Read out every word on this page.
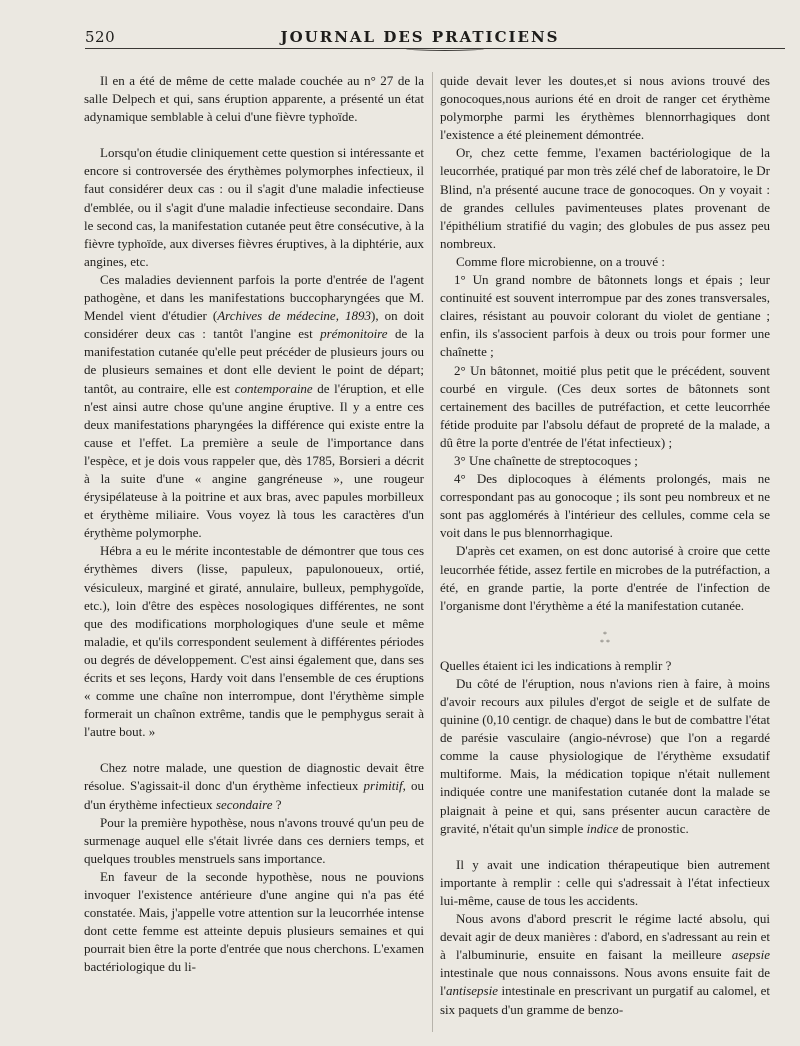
520	JOURNAL DES PRATICIENS

Il en a été de même de cette malade couchée au n° 27 de la salle Delpech et qui, sans éruption apparente, a présenté un état adynamique semblable à celui d'une fièvre typhoïde.

Lorsqu'on étudie cliniquement cette question si intéressante et encore si controversée des érythèmes polymorphes infectieux, il faut considérer deux cas : ou il s'agit d'une maladie infectieuse d'emblée, ou il s'agit d'une maladie infectieuse secondaire. Dans le second cas, la manifestation cutanée peut être consécutive, à la fièvre typhoïde, aux diverses fièvres éruptives, à la diphtérie, aux angines, etc.

Ces maladies deviennent parfois la porte d'entrée de l'agent pathogène, et dans les manifestations buccopharyngées que M. Mendel vient d'étudier (Archives de médecine, 1893), on doit considérer deux cas : tantôt l'angine est prémonitoire de la manifestation cutanée qu'elle peut précéder de plusieurs jours ou de plusieurs semaines et dont elle devient le point de départ; tantôt, au contraire, elle est contemporaine de l'éruption, et elle n'est ainsi autre chose qu'une angine éruptive. Il y a entre ces deux manifestations pharyngées la différence qui existe entre la cause et l'effet. La première a seule de l'importance dans l'espèce, et je dois vous rappeler que, dès 1785, Borsieri a décrit à la suite d'une « angine gangréneuse », une rougeur érysipélateuse à la poitrine et aux bras, avec papules morbilleux et érythème miliaire. Vous voyez là tous les caractères d'un érythème polymorphe.

Hébra a eu le mérite incontestable de démontrer que tous ces érythèmes divers (lisse, papuleux, papulonoueux, ortié, vésiculeux, marginé et giraté, annulaire, bulleux, pemphygoïde, etc.), loin d'être des espèces nosologiques différentes, ne sont que des modifications morphologiques d'une seule et même maladie, et qu'ils correspondent seulement à différentes périodes ou degrés de développement. C'est ainsi également que, dans ses écrits et ses leçons, Hardy voit dans l'ensemble de ces éruptions « comme une chaîne non interrompue, dont l'érythème simple formerait un chaînon extrême, tandis que le pemphygus serait à l'autre bout. »

Chez notre malade, une question de diagnostic devait être résolue. S'agissait-il donc d'un érythème infectieux primitif, ou d'un érythème infectieux secondaire ?

Pour la première hypothèse, nous n'avons trouvé qu'un peu de surmenage auquel elle s'était livrée dans ces derniers temps, et quelques troubles menstruels sans importance.

En faveur de la seconde hypothèse, nous ne pouvions invoquer l'existence antérieure d'une angine qui n'a pas été constatée. Mais, j'appelle votre attention sur la leucorrhée intense dont cette femme est atteinte depuis plusieurs semaines et qui pourrait bien être la porte d'entrée que nous cherchons. L'examen bactériologique du li-

quide devait lever les doutes,et si nous avions trouvé des gonocoques,nous aurions été en droit de ranger cet érythème polymorphe parmi les érythèmes blennorrhagiques dont l'existence a été pleinement démontrée.

Or, chez cette femme, l'examen bactériologique de la leucorrhée, pratiqué par mon très zélé chef de laboratoire, le Dr Blind, n'a présenté aucune trace de gonocoques. On y voyait : de grandes cellules pavimenteuses plates provenant de l'épithélium stratifié du vagin; des globules de pus assez peu nombreux.

Comme flore microbienne, on a trouvé :

1° Un grand nombre de bâtonnets longs et épais ; leur continuité est souvent interrompue par des zones transversales, claires, résistant au pouvoir colorant du violet de gentiane ; enfin, ils s'associent parfois à deux ou trois pour former une chaînette ;

2° Un bâtonnet, moitié plus petit que le précédent, souvent courbé en virgule. (Ces deux sortes de bâtonnets sont certainement des bacilles de putréfaction, et cette leucorrhée fétide produite par l'absolu défaut de propreté de la malade, a dû être la porte d'entrée de l'état infectieux) ;

3° Une chaînette de streptocoques ;

4° Des diplocoques à éléments prolongés, mais ne correspondant pas au gonocoque ; ils sont peu nombreux et ne sont pas agglomérés à l'intérieur des cellules, comme cela se voit dans le pus blennorrhagique.

D'après cet examen, on est donc autorisé à croire que cette leucorrhée fétide, assez fertile en microbes de la putréfaction, a été, en grande partie, la porte d'entrée de l'infection de l'organisme dont l'érythème a été la manifestation cutanée.

*
* *

Quelles étaient ici les indications à remplir ?

Du côté de l'éruption, nous n'avions rien à faire, à moins d'avoir recours aux pilules d'ergot de seigle et de sulfate de quinine (0,10 centigr. de chaque) dans le but de combattre l'état de parésie vasculaire (angio-névrose) que l'on a regardé comme la cause physiologique de l'érythème exsudatif multiforme. Mais, la médication topique n'était nullement indiquée contre une manifestation cutanée dont la malade se plaignait à peine et qui, sans présenter aucun caractère de gravité, n'était qu'un simple indice de pronostic.

Il y avait une indication thérapeutique bien autrement importante à remplir : celle qui s'adressait à l'état infectieux lui-même, cause de tous les accidents.

Nous avons d'abord prescrit le régime lacté absolu, qui devait agir de deux manières : d'abord, en s'adressant au rein et à l'albuminurie, ensuite en faisant la meilleure asepsie intestinale que nous connaissons. Nous avons ensuite fait de l'antisepsie intestinale en prescrivant un purgatif au calomel, et six paquets d'un gramme de benzo-
